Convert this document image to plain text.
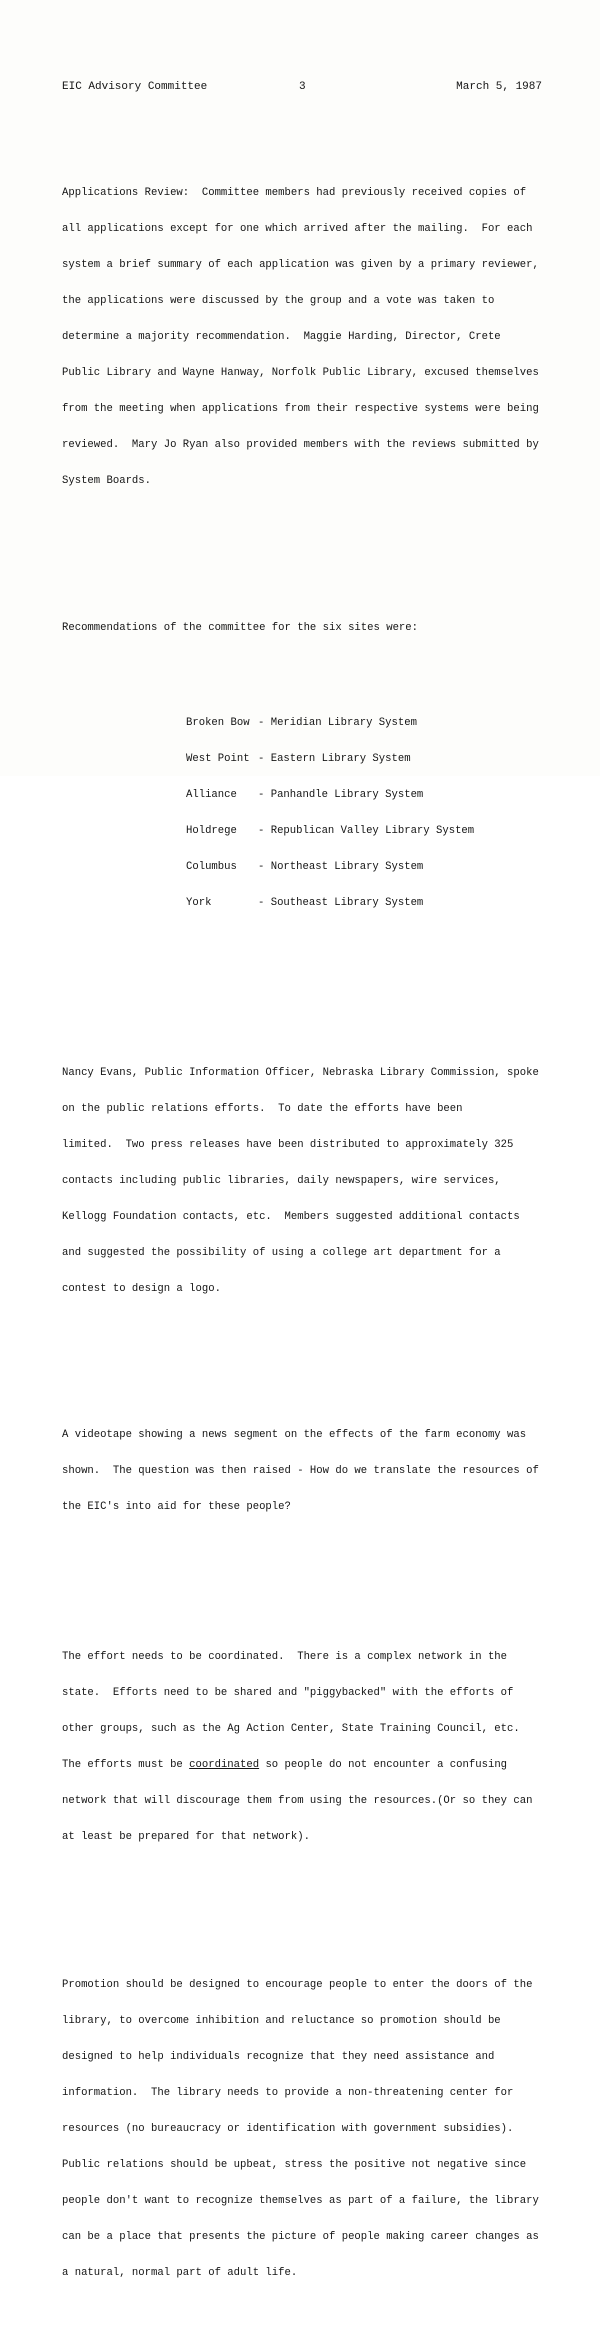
EIC Advisory Committee	3	March 5, 1987

Applications Review:  Committee members had previously received copies of

all applications except for one which arrived after the mailing.  For each

system a brief summary of each application was given by a primary reviewer,

the applications were discussed by the group and a vote was taken to

determine a majority recommendation.  Maggie Harding, Director, Crete

Public Library and Wayne Hanway, Norfolk Public Library, excused themselves

from the meeting when applications from their respective systems were being

reviewed.  Mary Jo Ryan also provided members with the reviews submitted by

System Boards.

Recommendations of the committee for the six sites were:

Broken Bow - Meridian Library System

West Point - Eastern Library System

Alliance - Panhandle Library System

Holdrege - Republican Valley Library System

Columbus - Northeast Library System

York	- Southeast Library System

Nancy Evans, Public Information Officer, Nebraska Library Commission, spoke

on the public relations efforts.  To date the efforts have been

limited.  Two press releases have been distributed to approximately 325

contacts including public libraries, daily newspapers, wire services,

Kellogg Foundation contacts, etc.  Members suggested additional contacts

and suggested the possibility of using a college art department for a

contest to design a logo.

A videotape showing a news segment on the effects of the farm economy was

shown.  The question was then raised - How do we translate the resources of

the EIC's into aid for these people?

The effort needs to be coordinated.  There is a complex network in the

state.  Efforts need to be shared and "piggybacked" with the efforts of

other groups, such as the Ag Action Center, State Training Council, etc.

The efforts must be coordinated so people do not encounter a confusing

network that will discourage them from using the resources.(Or so they can

at least be prepared for that network).

Promotion should be designed to encourage people to enter the doors of the

library, to overcome inhibition and reluctance so promotion should be

designed to help individuals recognize that they need assistance and

information.  The library needs to provide a non-threatening center for

resources (no bureaucracy or identification with government subsidies).

Public relations should be upbeat, stress the positive not negative since

people don't want to recognize themselves as part of a failure, the library

can be a place that presents the picture of people making career changes as

a natural, normal part of adult life.
